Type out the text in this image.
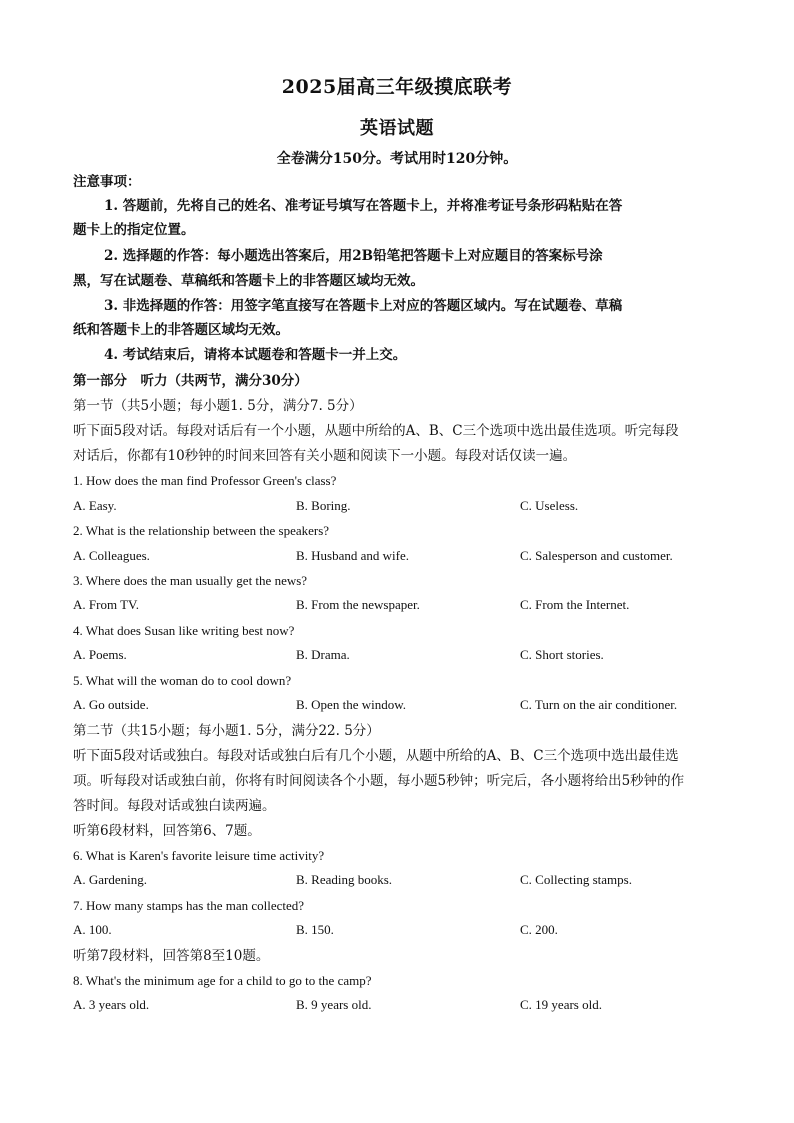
2025届高三年级摸底联考
英语试题
全卷满分150分。考试用时120分钟。
注意事项：
1. 答题前，先将自己的姓名、准考证号填写在答题卡上，并将准考证号条形码粘贴在答
题卡上的指定位置。
2. 选择题的作答：每小题选出答案后，用2B铅笔把答题卡上对应题目的答案标号涂
黑，写在试题卷、草稿纸和答题卡上的非答题区域均无效。
3. 非选择题的作答：用签字笔直接写在答题卡上对应的答题区域内。写在试题卷、草稿
纸和答题卡上的非答题区域均无效。
4. 考试结束后，请将本试题卷和答题卡一并上交。
第一部分　听力（共两节，满分30分）
第一节（共5小题；每小题1. 5分，满分7. 5分）
听下面5段对话。每段对话后有一个小题，从题中所给的A、B、C三个选项中选出最佳选项。听完每段
对话后，你都有10秒钟的时间来回答有关小题和阅读下一小题。每段对话仅读一遍。
1. How does the man find Professor Green's class?
A. Easy.	B. Boring.	C. Useless.
2. What is the relationship between the speakers?
A. Colleagues.	B. Husband and wife.	C. Salesperson and customer.
3. Where does the man usually get the news?
A. From TV.	B. From the newspaper.	C. From the Internet.
4. What does Susan like writing best now?
A. Poems.	B. Drama.	C. Short stories.
5. What will the woman do to cool down?
A. Go outside.	B. Open the window.	C. Turn on the air conditioner.
第二节（共15小题；每小题1. 5分，满分22. 5分）
听下面5段对话或独白。每段对话或独白后有几个小题，从题中所给的A、B、C三个选项中选出最佳选
项。听每段对话或独白前，你将有时间阅读各个小题，每小题5秒钟；听完后，各小题将给出5秒钟的作
答时间。每段对话或独白读两遍。
听第6段材料，回答第6、7题。
6. What is Karen's favorite leisure time activity?
A. Gardening.	B. Reading books.	C. Collecting stamps.
7. How many stamps has the man collected?
A. 100.	B. 150.	C. 200.
听第7段材料，回答第8至10题。
8. What's the minimum age for a child to go to the camp?
A. 3 years old.	B. 9 years old.	C. 19 years old.
